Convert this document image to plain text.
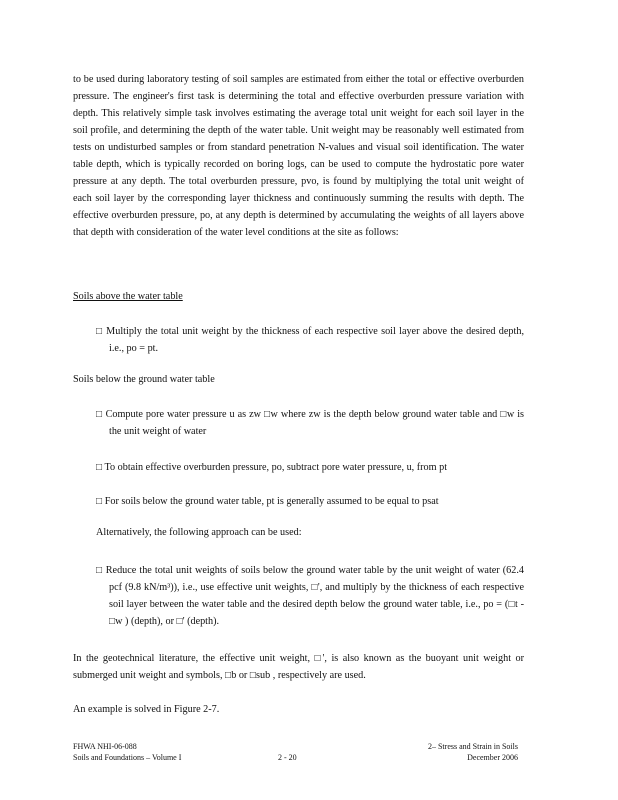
to be used during laboratory testing of soil samples are estimated from either the total or effective overburden pressure. The engineer's first task is determining the total and effective overburden pressure variation with depth. This relatively simple task involves estimating the average total unit weight for each soil layer in the soil profile, and determining the depth of the water table. Unit weight may be reasonably well estimated from tests on undisturbed samples or from standard penetration N-values and visual soil identification. The water table depth, which is typically recorded on boring logs, can be used to compute the hydrostatic pore water pressure at any depth. The total overburden pressure, pvo, is found by multiplying the total unit weight of each soil layer by the corresponding layer thickness and continuously summing the results with depth. The effective overburden pressure, po, at any depth is determined by accumulating the weights of all layers above that depth with consideration of the water level conditions at the site as follows:

Soils above the water table

□ Multiply the total unit weight by the thickness of each respective soil layer above the desired depth, i.e., po = pt.

Soils below the ground water table

□ Compute pore water pressure u as zw □w where zw is the depth below ground water table and □w is the unit weight of water
□ To obtain effective overburden pressure, po, subtract pore water pressure, u, from pt
□ For soils below the ground water table, pt is generally assumed to be equal to psat

Alternatively, the following approach can be used:

□ Reduce the total unit weights of soils below the ground water table by the unit weight of water (62.4 pcf (9.8 kN/m³)), i.e., use effective unit weights, □', and multiply by the thickness of each respective soil layer between the water table and the desired depth below the ground water table, i.e., po = (□t - □w ) (depth), or □' (depth).

In the geotechnical literature, the effective unit weight, □', is also known as the buoyant unit weight or submerged unit weight and symbols, □b or □sub , respectively are used.

An example is solved in Figure 2-7.

FHWA NHI-06-088
Soils and Foundations – Volume I	2 - 20
2– Stress and Strain in Soils
December 2006
